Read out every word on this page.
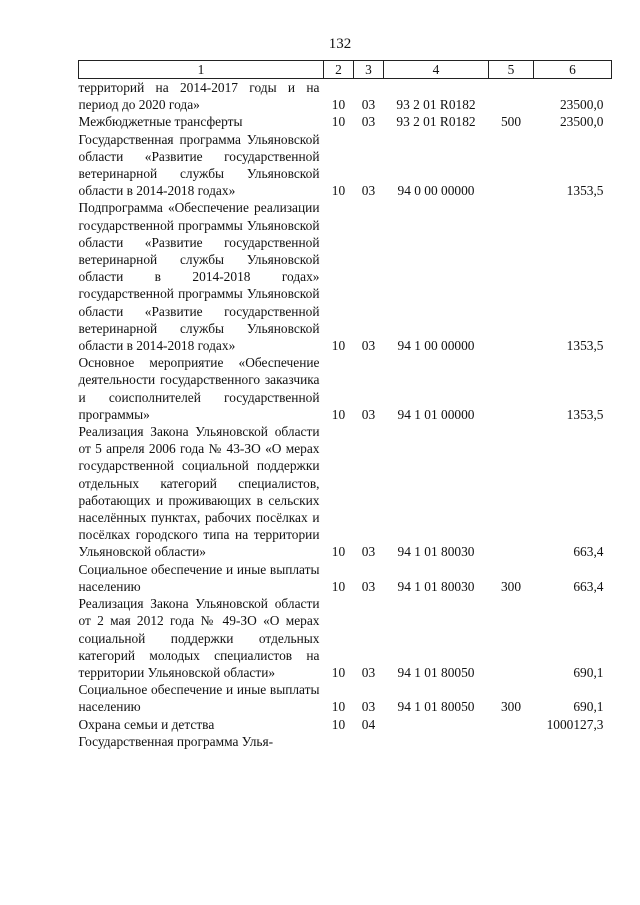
132
1	2	3	4	5	6
территорий на 2014-2017 годы и на период до 2020 года»	10	03	93 2 01 R0182		23500,0
Межбюджетные трансферты	10	03	93 2 01 R0182	500	23500,0
Государственная программа Ульяновской области «Развитие государственной ветеринарной службы Ульяновской области в 2014-2018 годах»	10	03	94 0 00 00000		1353,5
Подпрограмма «Обеспечение реализации государственной программы Ульяновской области «Развитие государственной ветеринарной службы Ульяновской области в 2014-2018 годах» государственной программы Ульяновской области «Развитие государственной ветеринарной службы Ульяновской области в 2014-2018 годах»	10	03	94 1 00 00000		1353,5
Основное мероприятие «Обеспечение деятельности государственного заказчика и соисполнителей государственной программы»	10	03	94 1 01 00000		1353,5
Реализация Закона Ульяновской области от 5 апреля 2006 года № 43-ЗО «О мерах государственной социальной поддержки отдельных категорий специалистов, работающих и проживающих в сельских населённых пунктах, рабочих посёлках и посёлках городского типа на территории Ульяновской области»	10	03	94 1 01 80030		663,4
Социальное обеспечение и иные выплаты населению	10	03	94 1 01 80030	300	663,4
Реализация Закона Ульяновской области от 2 мая 2012 года № 49-ЗО «О мерах социальной поддержки отдельных категорий молодых специалистов на территории Ульяновской области»	10	03	94 1 01 80050		690,1
Социальное обеспечение и иные выплаты населению	10	03	94 1 01 80050	300	690,1
Охрана семьи и детства	10	04			1000127,3
Государственная программа Улья-					
